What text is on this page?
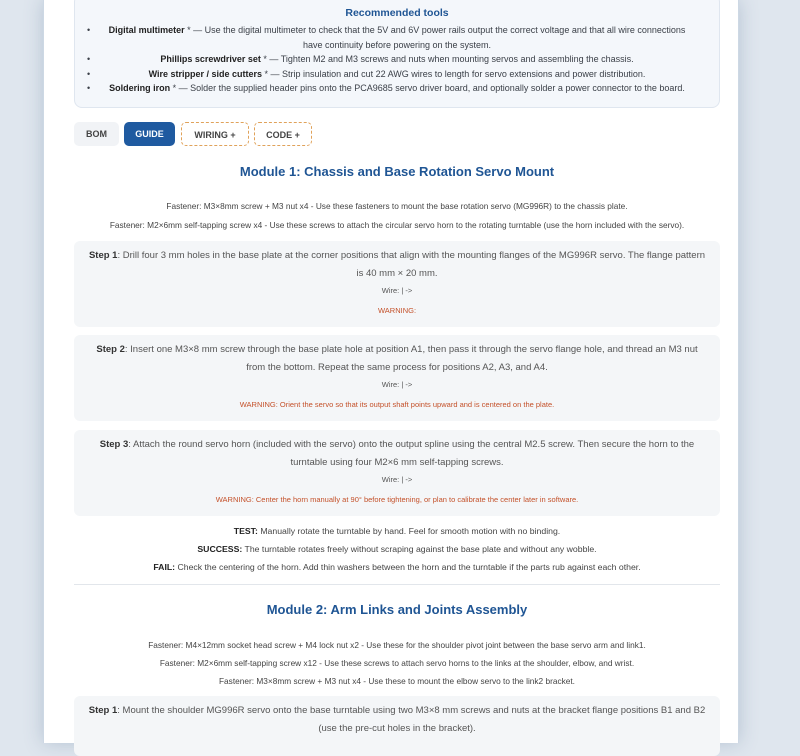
Recommended tools
• Digital multimeter * — Use the digital multimeter to check that the 5V and 6V power rails output the correct voltage and that all wire connections have continuity before powering on the system.
•	Phillips screwdriver set * — Tighten M2 and M3 screws and nuts when mounting servos and assembling the chassis.
•	Wire stripper / side cutters * — Strip insulation and cut 22 AWG wires to length for servo extensions and power distribution.
• Soldering iron * — Solder the supplied header pins onto the PCA9685 servo driver board, and optionally solder a power connector to the board.
BOM	GUIDE	WIRING +	CODE +
Module 1: Chassis and Base Rotation Servo Mount
Fastener: M3×8mm screw + M3 nut x4 - Use these fasteners to mount the base rotation servo (MG996R) to the chassis plate.
Fastener: M2×6mm self-tapping screw x4 - Use these screws to attach the circular servo horn to the rotating turntable (use the horn included with the servo).
Step 1: Drill four 3 mm holes in the base plate at the corner positions that align with the mounting flanges of the MG996R servo. The flange pattern is 40 mm × 20 mm.
Wire: | ->
WARNING:
Step 2: Insert one M3×8 mm screw through the base plate hole at position A1, then pass it through the servo flange hole, and thread an M3 nut from the bottom. Repeat the same process for positions A2, A3, and A4.
Wire: | ->
WARNING: Orient the servo so that its output shaft points upward and is centered on the plate.
Step 3: Attach the round servo horn (included with the servo) onto the output spline using the central M2.5 screw. Then secure the horn to the turntable using four M2×6 mm self-tapping screws.
Wire: | ->
WARNING: Center the horn manually at 90° before tightening, or plan to calibrate the center later in software.
TEST: Manually rotate the turntable by hand. Feel for smooth motion with no binding.
SUCCESS: The turntable rotates freely without scraping against the base plate and without any wobble.
FAIL: Check the centering of the horn. Add thin washers between the horn and the turntable if the parts rub against each other.
Module 2: Arm Links and Joints Assembly
Fastener: M4×12mm socket head screw + M4 lock nut x2 - Use these for the shoulder pivot joint between the base servo arm and link1.
Fastener: M2×6mm self-tapping screw x12 - Use these screws to attach servo horns to the links at the shoulder, elbow, and wrist.
Fastener: M3×8mm screw + M3 nut x4 - Use these to mount the elbow servo to the link2 bracket.
Step 1: Mount the shoulder MG996R servo onto the base turntable using two M3×8 mm screws and nuts at the bracket flange positions B1 and B2 (use the pre-cut holes in the bracket).
